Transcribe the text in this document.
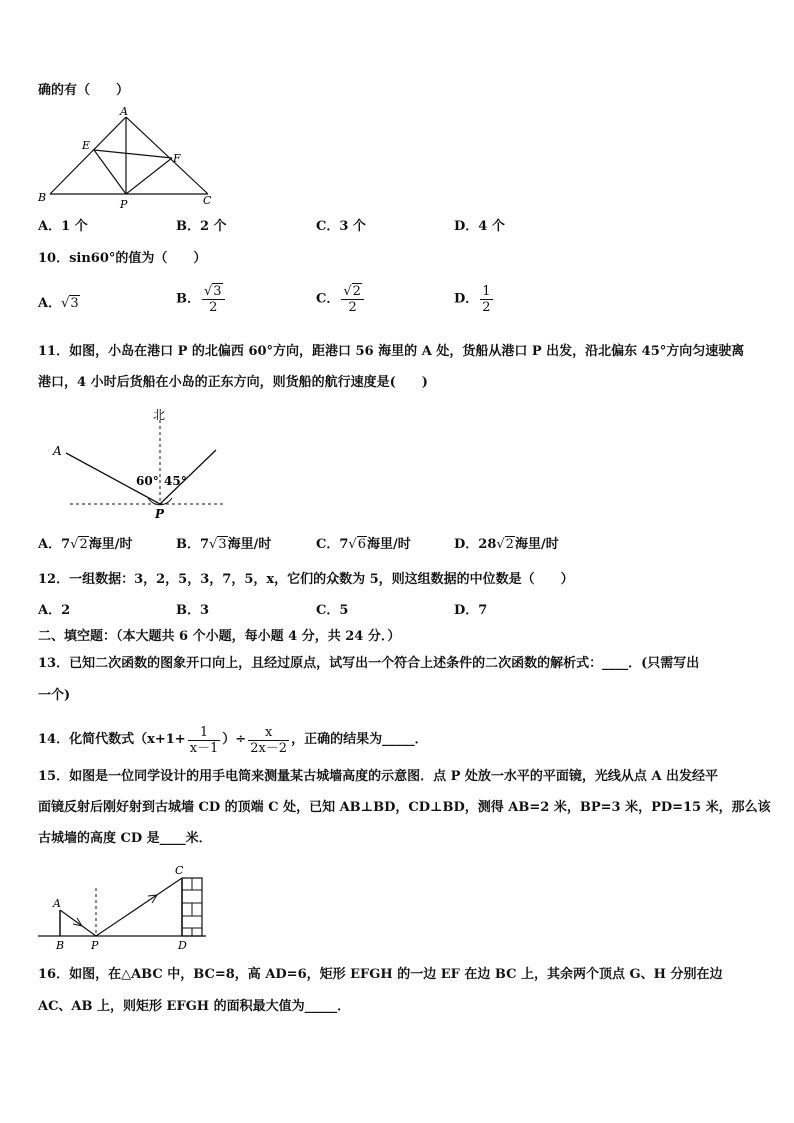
确的有（　　）
A
E
F
B	C
P
A．1 个	B．2 个	C．3 个	D．4 个
10．sin60°的值为（　　）
A．√3	B． $\frac{√3}{2}$	C． $\frac{√2}{2}$	D． $\frac{1}{2}$
11．如图，小岛在港口 P 的北偏西 60°方向，距港口 56 海里的 A 处，货船从港口 P 出发，沿北偏东 45°方向匀速驶离
港口，4 小时后货船在小岛的正东方向，则货船的航行速度是(　　)
北
A
60° 45°
P
A．7√2海里/时	B．7√3海里/时	C．7√6海里/时	D．28√2海里/时
12．一组数据：3，2，5，3，7，5，x，它们的众数为 5，则这组数据的中位数是（　　）
A．2	B．3	C．5	D．7
二、填空题：（本大题共 6 个小题，每小题 4 分，共 24 分．）
13．已知二次函数的图象开口向上，且经过原点，试写出一个符合上述条件的二次函数的解析式：____．(只需写出
一个)
14．化简代数式（$x+1+ \frac{1}{x-1}$ ）÷ $\frac{x}{2x-2}$ ，正确的结果为_____．
15．如图是一位同学设计的用手电筒来测量某古城墙高度的示意图．点 P 处放一水平的平面镜，光线从点 A 出发经平
面镜反射后刚好射到古城墙 CD 的顶端 C 处，已知 AB⊥BD，CD⊥BD，测得 AB=2 米，BP=3 米，PD=15 米，那么该
古城墙的高度 CD 是____米．
A
B P
C
D
16．如图，在△ABC 中，BC=8，高 AD=6，矩形 EFGH 的一边 EF 在边 BC 上，其余两个顶点 G、H 分别在边
AC、AB 上，则矩形 EFGH 的面积最大值为_____．
